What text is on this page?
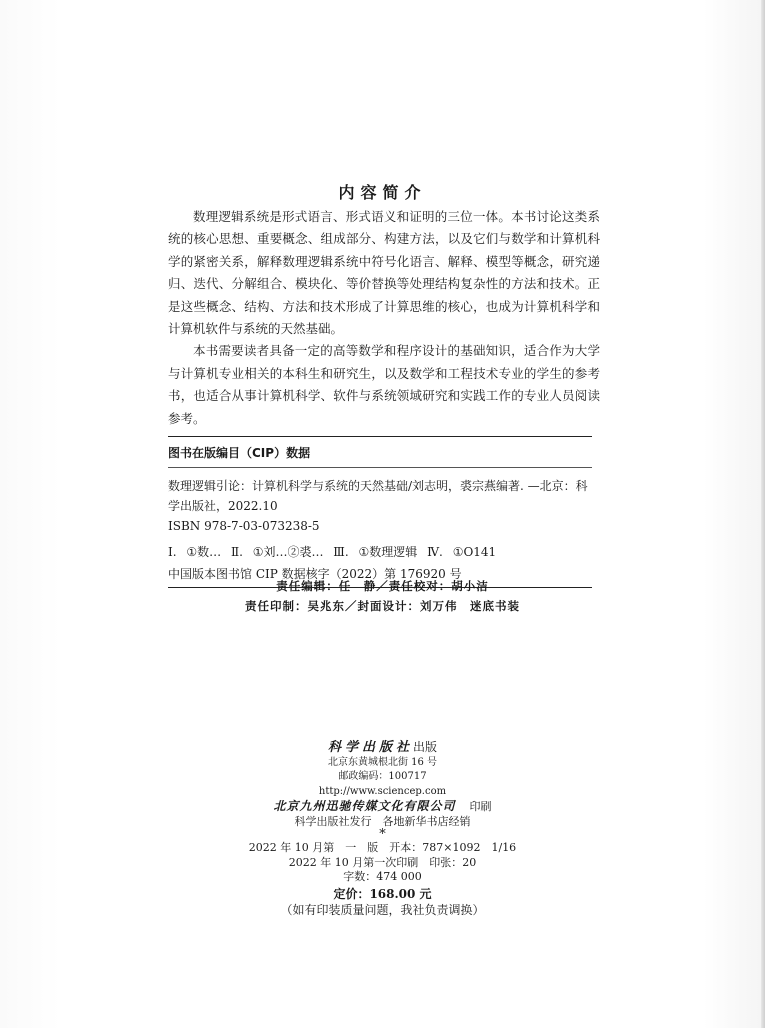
内容简介

数理逻辑系统是形式语言、形式语义和证明的三位一体。本书讨论这类系统的核心思想、重要概念、组成部分、构建方法，以及它们与数学和计算机科学的紧密关系，解释数理逻辑系统中符号化语言、解释、模型等概念，研究递归、迭代、分解组合、模块化、等价替换等处理结构复杂性的方法和技术。正是这些概念、结构、方法和技术形成了计算思维的核心，也成为计算机科学和计算机软件与系统的天然基础。

本书需要读者具备一定的高等数学和程序设计的基础知识，适合作为大学与计算机专业相关的本科生和研究生，以及数学和工程技术专业的学生的参考书，也适合从事计算机科学、软件与系统领域研究和实践工作的专业人员阅读参考。

图书在版编目（CIP）数据

数理逻辑引论：计算机科学与系统的天然基础/刘志明，裘宗燕编著. —北京：科学出版社，2022.10

ISBN 978-7-03-073238-5

Ⅰ. ①数… Ⅱ. ①刘…②裘… Ⅲ. ①数理逻辑 Ⅳ. ①O141

中国版本图书馆 CIP 数据核字（2022）第 176920 号

责任编辑：任　静／责任校对：胡小洁
责任印制：吴兆东／封面设计：刘万伟　迷底书装
科学出版社出版
北京东黄城根北街 16 号
邮政编码：100717
http://www.sciencep.com
北京九州迅驰传媒文化有限公司 印刷
科学出版社发行　各地新华书店经销
*
2022 年 10 月第　一　版　开本：787×1092　1/16
2022 年 10 月第一次印刷　印张：20
字数：474 000
定价：168.00 元
（如有印装质量问题，我社负责调换）
